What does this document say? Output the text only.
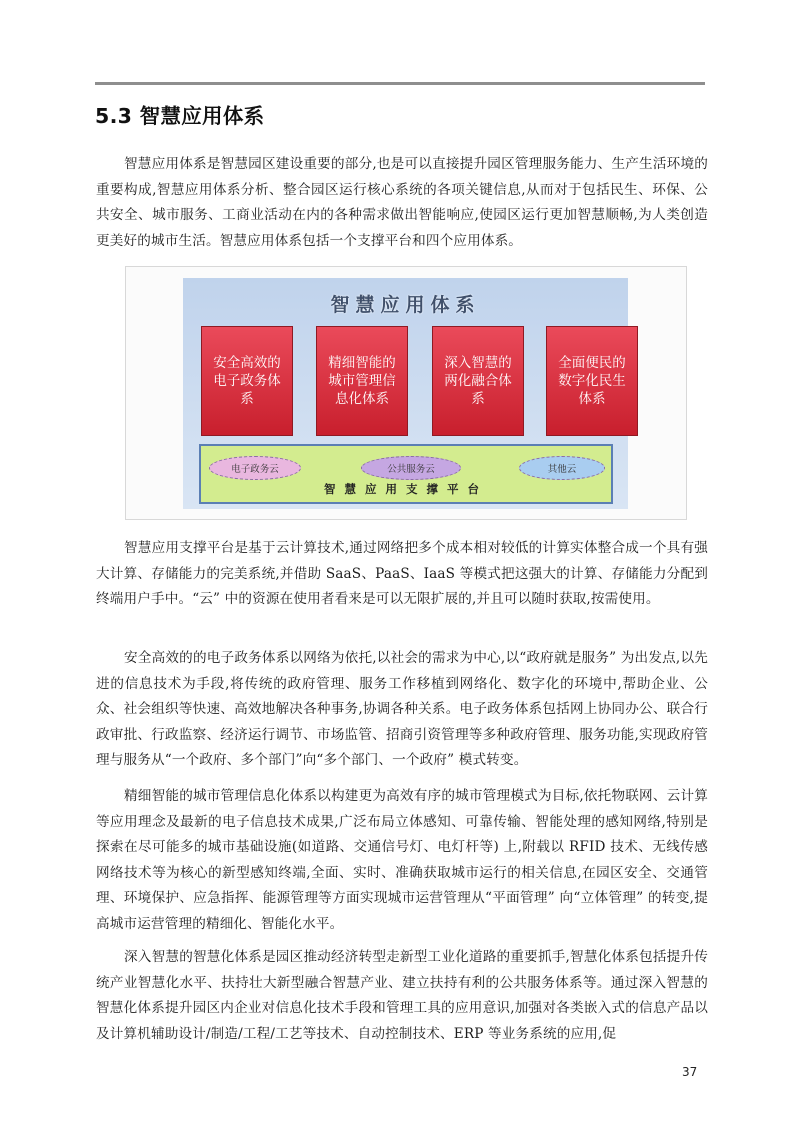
5.3 智慧应用体系

智慧应用体系是智慧园区建设重要的部分,也是可以直接提升园区管理服务能力、生产生活环境的重要构成,智慧应用体系分析、整合园区运行核心系统的各项关键信息,从而对于包括民生、环保、公共安全、城市服务、工商业活动在内的各种需求做出智能响应,使园区运行更加智慧顺畅,为人类创造更美好的城市生活。智慧应用体系包括一个支撑平台和四个应用体系。

智慧应用体系
安全高效的电子政务体系
精细智能的城市管理信息化体系
深入智慧的两化融合体系
全面便民的数字化民生体系
电子政务云	公共服务云	其他云
智慧应用支撑平台

智慧应用支撑平台是基于云计算技术,通过网络把多个成本相对较低的计算实体整合成一个具有强大计算、存储能力的完美系统,并借助 SaaS、PaaS、IaaS 等模式把这强大的计算、存储能力分配到终端用户手中。“云” 中的资源在使用者看来是可以无限扩展的,并且可以随时获取,按需使用。

安全高效的的电子政务体系以网络为依托,以社会的需求为中心,以“政府就是服务” 为出发点,以先进的信息技术为手段,将传统的政府管理、服务工作移植到网络化、数字化的环境中,帮助企业、公众、社会组织等快速、高效地解决各种事务,协调各种关系。电子政务体系包括网上协同办公、联合行政审批、行政监察、经济运行调节、市场监管、招商引资管理等多种政府管理、服务功能,实现政府管理与服务从“一个政府、多个部门”向“多个部门、一个政府” 模式转变。

精细智能的城市管理信息化体系以构建更为高效有序的城市管理模式为目标,依托物联网、云计算等应用理念及最新的电子信息技术成果,广泛布局立体感知、可靠传输、智能处理的感知网络,特别是探索在尽可能多的城市基础设施(如道路、交通信号灯、电灯杆等) 上,附载以 RFID 技术、无线传感网络技术等为核心的新型感知终端,全面、实时、准确获取城市运行的相关信息,在园区安全、交通管理、环境保护、应急指挥、能源管理等方面实现城市运营管理从“平面管理” 向“立体管理” 的转变,提高城市运营管理的精细化、智能化水平。

深入智慧的智慧化体系是园区推动经济转型走新型工业化道路的重要抓手,智慧化体系包括提升传统产业智慧化水平、扶持壮大新型融合智慧产业、建立扶持有利的公共服务体系等。通过深入智慧的智慧化体系提升园区内企业对信息化技术手段和管理工具的应用意识,加强对各类嵌入式的信息产品以及计算机辅助设计/制造/工程/工艺等技术、自动控制技术、ERP 等业务系统的应用,促

37
